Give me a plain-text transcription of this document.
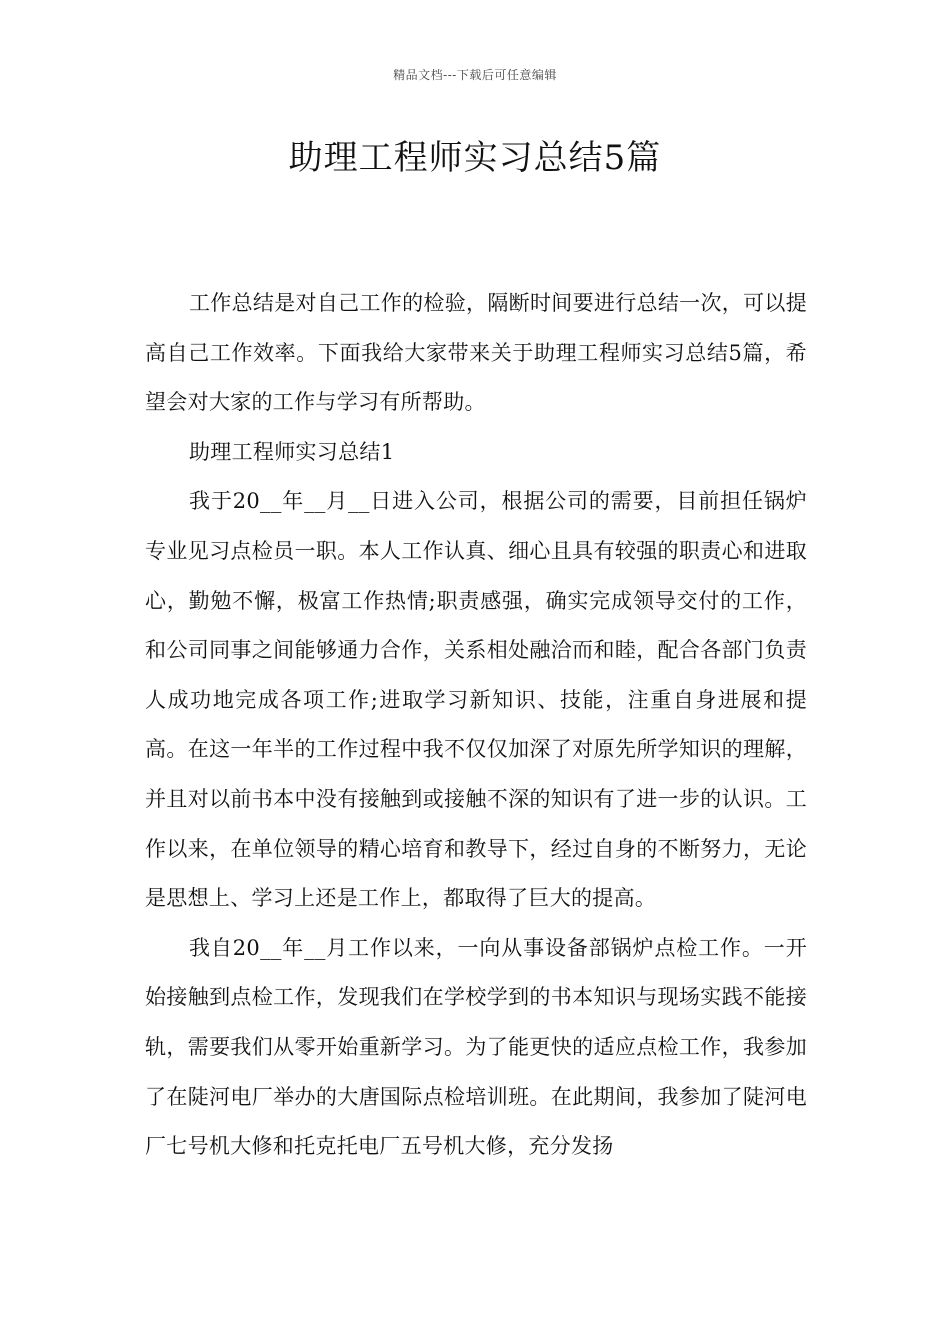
精品文档---下载后可任意编辑
助理工程师实习总结5篇

工作总结是对自己工作的检验，隔断时间要进行总结一次，可以提高自己工作效率。下面我给大家带来关于助理工程师实习总结5篇，希望会对大家的工作与学习有所帮助。

助理工程师实习总结1

我于20__年__月__日进入公司，根据公司的需要，目前担任锅炉专业见习点检员一职。本人工作认真、细心且具有较强的职责心和进取心，勤勉不懈，极富工作热情;职责感强，确实完成领导交付的工作，和公司同事之间能够通力合作，关系相处融洽而和睦，配合各部门负责人成功地完成各项工作;进取学习新知识、技能，注重自身进展和提高。在这一年半的工作过程中我不仅仅加深了对原先所学知识的理解，并且对以前书本中没有接触到或接触不深的知识有了进一步的认识。工作以来，在单位领导的精心培育和教导下，经过自身的不断努力，无论是思想上、学习上还是工作上，都取得了巨大的提高。

我自20__年__月工作以来，一向从事设备部锅炉点检工作。一开始接触到点检工作，发现我们在学校学到的书本知识与现场实践不能接轨，需要我们从零开始重新学习。为了能更快的适应点检工作，我参加了在陡河电厂举办的大唐国际点检培训班。在此期间，我参加了陡河电厂七号机大修和托克托电厂五号机大修，充分发扬
